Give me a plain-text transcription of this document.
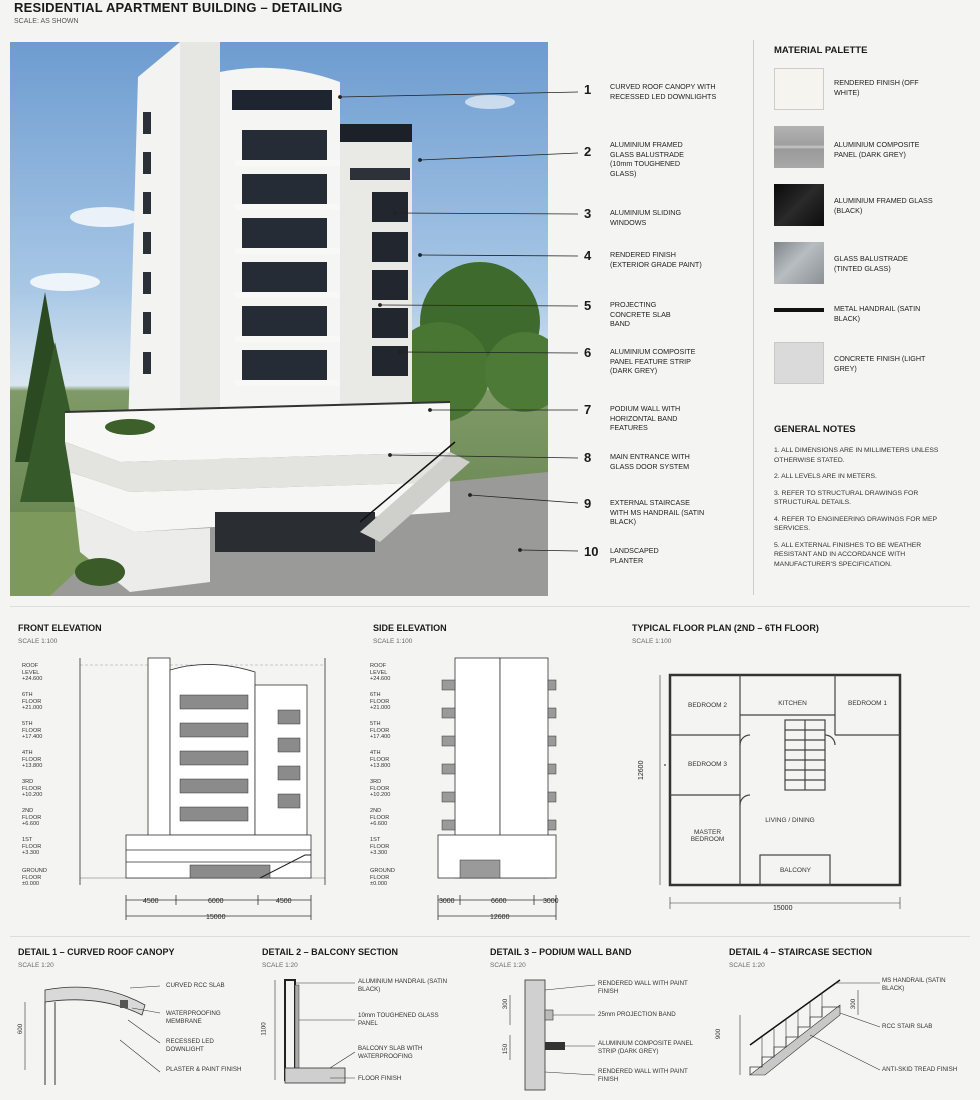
RESIDENTIAL APARTMENT BUILDING – DETAILING
SCALE: AS SHOWN
1	CURVED ROOF CANOPY WITH RECESSED LED DOWNLIGHTS
2	ALUMINIUM FRAMED GLASS BALUSTRADE (10mm TOUGHENED GLASS)
3	ALUMINIUM SLIDING WINDOWS
4	RENDERED FINISH (EXTERIOR GRADE PAINT)
5	PROJECTING CONCRETE SLAB BAND
6	ALUMINIUM COMPOSITE PANEL FEATURE STRIP (DARK GREY)
7	PODIUM WALL WITH HORIZONTAL BAND FEATURES
8	MAIN ENTRANCE WITH GLASS DOOR SYSTEM
9	EXTERNAL STAIRCASE WITH MS HANDRAIL (SATIN BLACK)
10 LANDSCAPED PLANTER
MATERIAL PALETTE
RENDERED FINISH (OFF WHITE)
ALUMINIUM COMPOSITE PANEL (DARK GREY)
ALUMINIUM FRAMED GLASS (BLACK)
GLASS BALUSTRADE (TINTED GLASS)
METAL HANDRAIL (SATIN BLACK)
CONCRETE FINISH (LIGHT GREY)
GENERAL NOTES
1. ALL DIMENSIONS ARE IN MILLIMETERS UNLESS OTHERWISE STATED.
2. ALL LEVELS ARE IN METERS.
3. REFER TO STRUCTURAL DRAWINGS FOR STRUCTURAL DETAILS.
4. REFER TO ENGINEERING DRAWINGS FOR MEP SERVICES.
5. ALL EXTERNAL FINISHES TO BE WEATHER RESISTANT AND IN ACCORDANCE WITH MANUFACTURER'S SPECIFICATION.
FRONT ELEVATION
SCALE 1:100
ROOF LEVEL
+24.600
6TH FLOOR
+21.000
5TH FLOOR
+17.400
4TH FLOOR
+13.800
3RD FLOOR
+10.200
2ND FLOOR
+6.600
1ST FLOOR
+3.300
GROUND FLOOR
±0.000
4500	6000	4500
15000
SIDE ELEVATION
SCALE 1:100
ROOF LEVEL
+24.600
6TH FLOOR
+21.000
5TH FLOOR
+17.400
4TH FLOOR
+13.800
3RD FLOOR
+10.200
2ND FLOOR
+6.600
1ST FLOOR
+3.300
GROUND FLOOR
±0.000
3000	6600	3000
12600
TYPICAL FLOOR PLAN (2ND – 6TH FLOOR)
SCALE 1:100
BEDROOM 2	KITCHEN	BEDROOM 1
BEDROOM 3
LIVING / DINING
MASTER BEDROOM
BALCONY
12600
15000
DETAIL 1 – CURVED ROOF CANOPY
SCALE 1:20
600
CURVED RCC SLAB
WATERPROOFING MEMBRANE
RECESSED LED DOWNLIGHT
PLASTER & PAINT FINISH
DETAIL 2 – BALCONY SECTION
SCALE 1:20
1100
ALUMINIUM HANDRAIL (SATIN BLACK)
10mm TOUGHENED GLASS PANEL
BALCONY SLAB WITH WATERPROOFING
FLOOR FINISH
DETAIL 3 – PODIUM WALL BAND
SCALE 1:20
300
150
RENDERED WALL WITH PAINT FINISH
25mm PROJECTION BAND
ALUMINIUM COMPOSITE PANEL STRIP (DARK GREY)
RENDERED WALL WITH PAINT FINISH
DETAIL 4 – STAIRCASE SECTION
SCALE 1:20
900
300
MS HANDRAIL (SATIN BLACK)
RCC STAIR SLAB
ANTI-SKID TREAD FINISH
